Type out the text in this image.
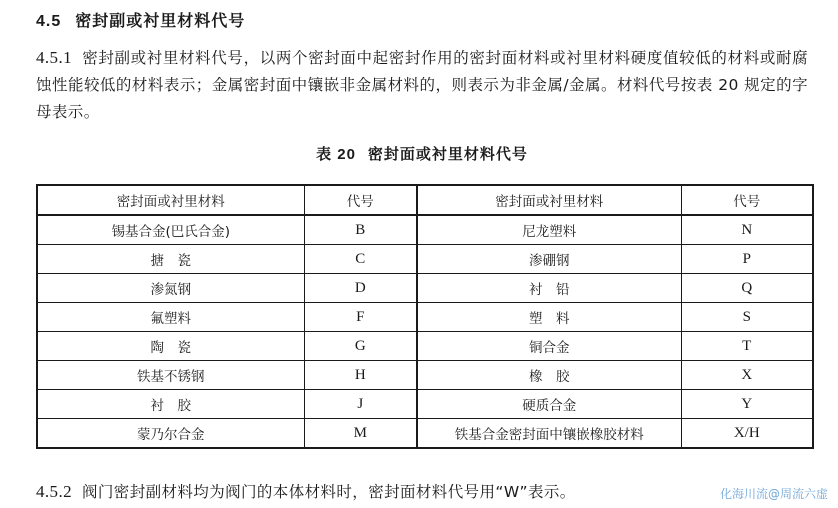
4.5 密封副或衬里材料代号
4.5.1 密封副或衬里材料代号，以两个密封面中起密封作用的密封面材料或衬里材料硬度值较低的材料或耐腐蚀性能较低的材料表示；金属密封面中镶嵌非金属材料的，则表示为非金属/金属。材料代号按表 20 规定的字母表示。
表 20 密封面或衬里材料代号
密封面或衬里材料	代号	密封面或衬里材料	代号
锡基合金(巴氏合金)	B	尼龙塑料	N
搪　瓷	C	渗硼钢	P
渗氮钢	D	衬　铅	Q
氟塑料	F	塑　料	S
陶　瓷	G	铜合金	T
铁基不锈钢	H	橡　胶	X
衬　胶	J	硬质合金	Y
蒙乃尔合金	M	铁基合金密封面中镶嵌橡胶材料	X/H
4.5.2 阀门密封副材料均为阀门的本体材料时，密封面材料代号用“W”表示。	化海川流@周流六虚
